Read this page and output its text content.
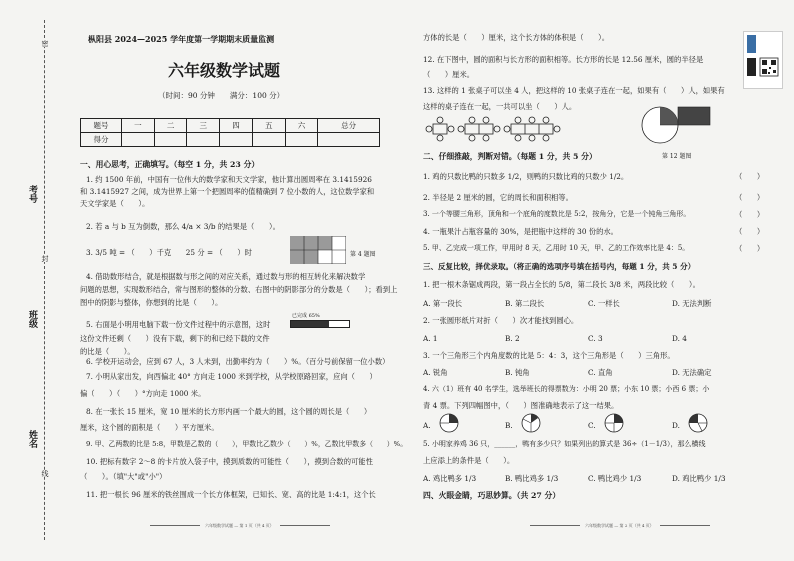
考号
班级
姓名
密
封
线
枞阳县 2024—2025 学年度第一学期期末质量监测
六年级数学试题
（时间：90 分钟　　满分：100 分）
题号	一	二	三	四	五	六	总分
得分							
一、用心思考，正确填写。（每空 1 分，共 23 分）
1. 约 1500 年前，中国有一位伟大的数学家和天文学家，他计算出圆周率在 3.1415926
和 3.1415927 之间，成为世界上第一个把圆周率的值精确到 7 位小数的人，这位数学家和
天文学家是（　　）。
2. 若 a 与 b 互为倒数，那么 4/a × 3/b 的结果是（　　）。
3. 3/5 吨 = （　　）千克　　25 分 = （　　）时	第 4 题图
4. 借助数形结合，就是根据数与形之间的对应关系，通过数与形的相互转化来解决数学
问题的思想，实现数形结合，常与图形的整体的分数、右图中的阴影部分的分数是（　　）；看到上
图中的阴影与整体，你想到的比是（　　）。
5. 右面是小明用电脑下载一份文件过程中的示意图，这时
这份文件还剩（　　）没有下载，剩下的和已经下载的文件
的比是（　　）。
已完成 65%
6. 学校开运动会，应到 67 人，3 人未到，出勤率约为（　　）%。（百分号前保留一位小数）
7. 小明从家出发，向西偏北 40° 方向走 1000 米到学校，从学校原路回家，应向（　　）
偏（　　）（　　）°方向走 1000 米。
8. 在一张长 15 厘米，宽 10 厘米的长方形内画一个最大的圆，这个圆的周长是（　　）
厘米，这个圆的面积是（　　）平方厘米。
9. 甲、乙两数的比是 5:8，甲数是乙数的（　　），甲数比乙数少（　　）%，乙数比甲数多（　　）%。
10. 把标有数字 2～8 的卡片放入袋子中，摸到质数的可能性（　　），摸到合数的可能性
（　　）。（填"大"或"小"）
11. 把一根长 96 厘米的铁丝围成一个长方体框架，已知长、宽、高的比是 1:4:1，这个长
六年级数学试题 — 第 1 页（共 4 页）
方体的长是（　　）厘米，这个长方体的体积是（　　）。
12. 在下图中，圆的面积与长方形的面积相等。长方形的长是 12.56 厘米，圆的半径是
（　　）厘米。
13. 这样的 1 张桌子可以坐 4 人，把这样的 10 张桌子连在一起，如果有（　　）人，如果有
这样的桌子连在一起，一共可以坐（　　）人。
第 12 题图
二、仔细推敲，判断对错。（每题 1 分，共 5 分）
1. 鸡的只数比鸭的只数多 1/2，则鸭的只数比鸡的只数少 1/2。	（　　）
2. 半径是 2 厘米的圆，它的周长和面积相等。	（　　）
3. 一个等腰三角形，顶角和一个底角的度数比是 5:2，按角分，它是一个钝角三角形。	（　　）
4. 一瓶果汁占瓶容量的 30%，是把瓶中这样的 30 份的水。	（　　）
5. 甲、乙完成一项工作，甲用时 8 天，乙用时 10 天，甲、乙的工作效率比是 4：5。	（　　）
三、反复比较，择优录取。（将正确的选项序号填在括号内，每题 1 分，共 5 分）
1. 把一根木条锯成两段，第一段占全长的 5/8，第二段长 3/8 米，两段比较（　　）。
A. 第一段长	B. 第二段长	C. 一样长	D. 无法判断
2. 一张圆形纸片对折（　　）次才能找到圆心。
A. 1	B. 2	C. 3	D. 4
3. 一个三角形三个内角度数的比是 5：4：3，这个三角形是（　　）三角形。
A. 锐角	B. 钝角	C. 直角	D. 无法确定
4. 六（1）班有 40 名学生，选举班长的得票数为：小明 20 票；小东 10 票；小西 6 票；小
青 4 票。下列四幅图中，（　　）图准确地表示了这一结果。
A.	B.	C.	D.
5. 小明家养鸡 36 只，______，鸭有多少只？如果列出的算式是 36÷（1－1/3），那么横线
上应添上的条件是（　　）。
A. 鸡比鸭多 1/3	B. 鸭比鸡多 1/3	C. 鸭比鸡少 1/3	D. 鸡比鸭少 1/3
四、火眼金睛，巧思妙算。（共 27 分）
六年级数学试题 — 第 2 页（共 4 页）
